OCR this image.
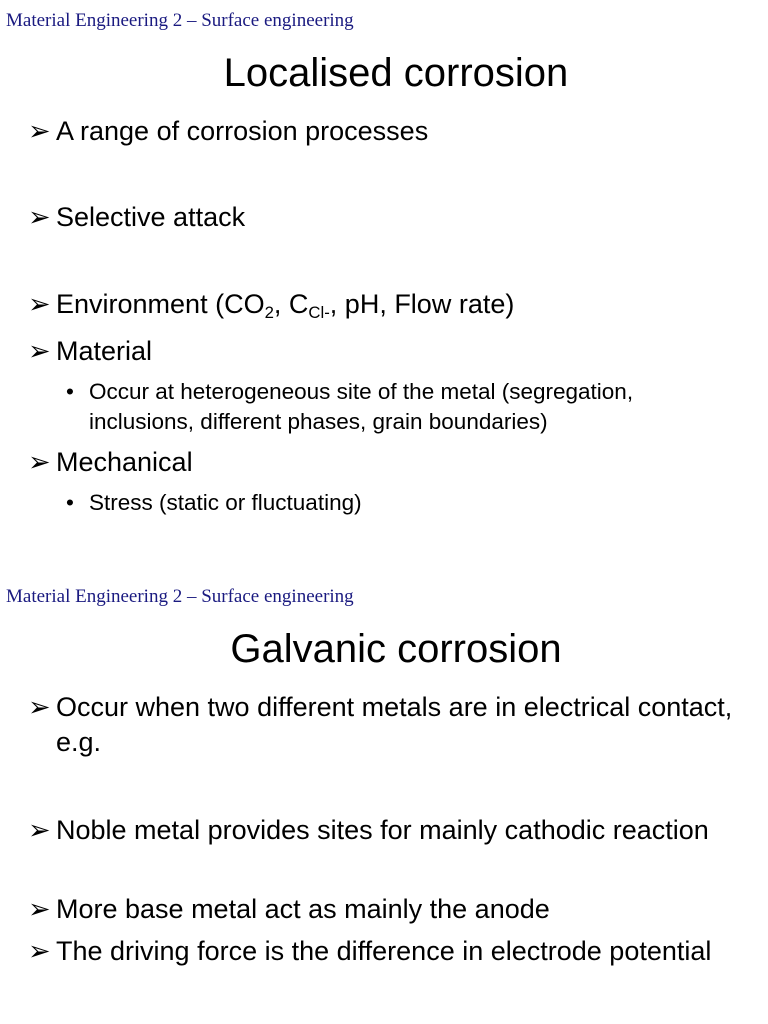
Material Engineering 2 – Surface engineering
Localised corrosion
➢ A range of corrosion processes
➢ Selective attack
➢ Environment ($CO_2$, $C_{Cl-}$, pH, Flow rate)
➢ Material
• Occur at heterogeneous site of the metal (segregation, inclusions, different phases, grain boundaries)
➢ Mechanical
• Stress (static or fluctuating)
Material Engineering 2 – Surface engineering
Galvanic corrosion
➢ Occur when two different metals are in electrical contact, e.g.
➢ Noble metal provides sites for mainly cathodic reaction
➢ More base metal act as mainly the anode
➢ The driving force is the difference in electrode potential
